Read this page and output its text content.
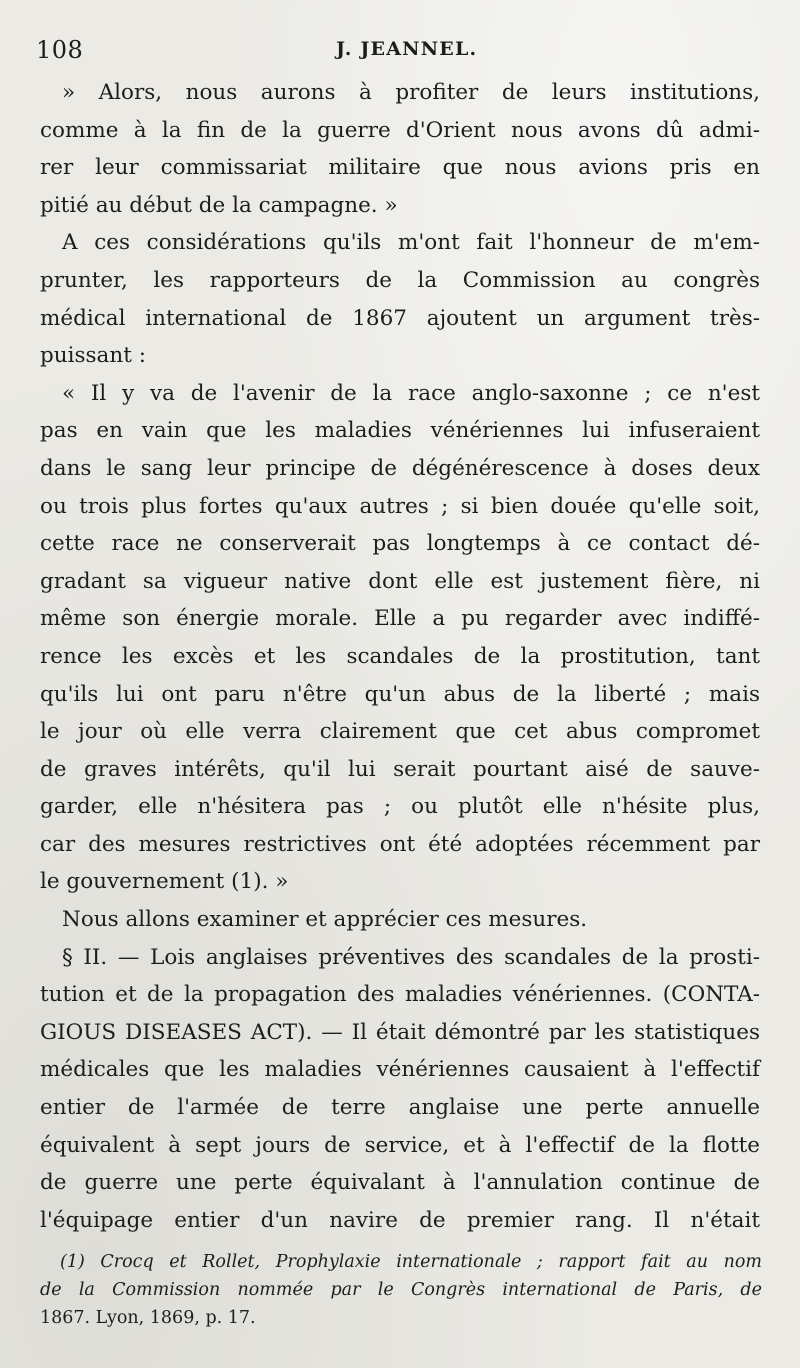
108	J. JEANNEL.
» Alors, nous aurons à profiter de leurs institutions,
comme à la fin de la guerre d'Orient nous avons dû admi-
rer leur commissariat militaire que nous avions pris en
pitié au début de la campagne. »
A ces considérations qu'ils m'ont fait l'honneur de m'em-
prunter, les rapporteurs de la Commission au congrès
médical international de 1867 ajoutent un argument très-
puissant :
« Il y va de l'avenir de la race anglo-saxonne ; ce n'est
pas en vain que les maladies vénériennes lui infuseraient
dans le sang leur principe de dégénérescence à doses deux
ou trois plus fortes qu'aux autres ; si bien douée qu'elle soit,
cette race ne conserverait pas longtemps à ce contact dé-
gradant sa vigueur native dont elle est justement fière, ni
même son énergie morale. Elle a pu regarder avec indiffé-
rence les excès et les scandales de la prostitution, tant
qu'ils lui ont paru n'être qu'un abus de la liberté ; mais
le jour où elle verra clairement que cet abus compromet
de graves intérêts, qu'il lui serait pourtant aisé de sauve-
garder, elle n'hésitera pas ; ou plutôt elle n'hésite plus,
car des mesures restrictives ont été adoptées récemment par
le gouvernement (1). »
Nous allons examiner et apprécier ces mesures.
§ II. — Lois anglaises préventives des scandales de la prosti-
tution et de la propagation des maladies vénériennes. (CONTA-
GIOUS DISEASES ACT). — Il était démontré par les statistiques
médicales que les maladies vénériennes causaient à l'effectif
entier de l'armée de terre anglaise une perte annuelle
équivalent à sept jours de service, et à l'effectif de la flotte
de guerre une perte équivalant à l'annulation continue de
l'équipage entier d'un navire de premier rang. Il n'était
(1) Crocq et Rollet, Prophylaxie internationale ; rapport fait au nom
de la Commission nommée par le Congrès international de Paris, de
1867. Lyon, 1869, p. 17.
